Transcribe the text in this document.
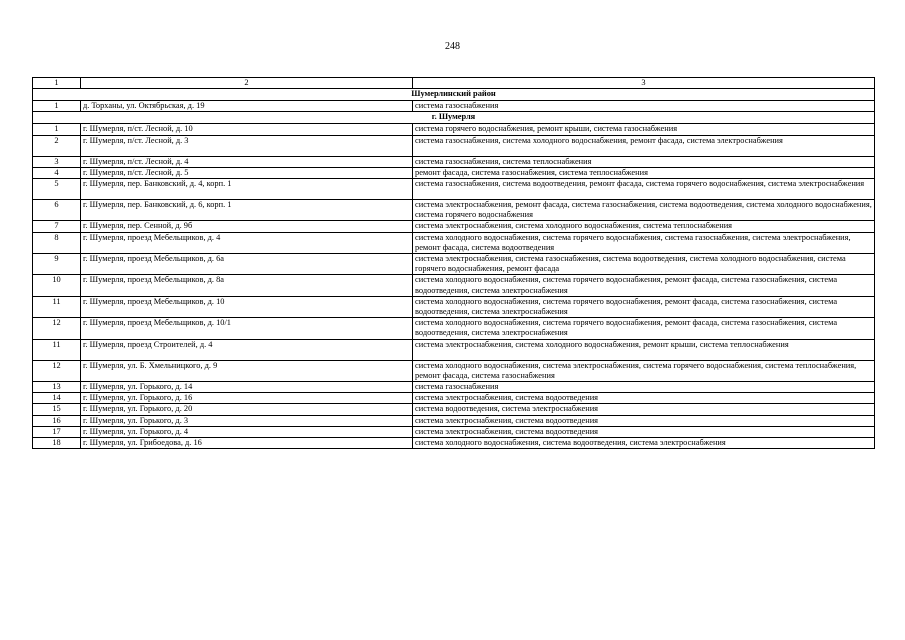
248
1	2	3
Шумерлинский район		
1	д. Торханы, ул. Октябрьская, д. 19	система газоснабжения
г. Шумерля		
1	г. Шумерля, п/ст. Лесной, д. 10	система горячего водоснабжения, ремонт крыши, система газоснабжения
2	г. Шумерля, п/ст. Лесной, д. 3	система газоснабжения, система холодного водоснабжения, ремонт фасада, система электроснабжения
3	г. Шумерля, п/ст. Лесной, д. 4	система газоснабжения, система теплоснабжения
4	г. Шумерля, п/ст. Лесной, д. 5	ремонт фасада, система газоснабжения, система теплоснабжения
5	г. Шумерля, пер. Банковский, д. 4, корп. 1	система газоснабжения, система водоотведения, ремонт фасада, система горячего водоснабжения, система электроснабжения
6	г. Шумерля, пер. Банковский, д. 6, корп. 1	система электроснабжения, ремонт фасада, система газоснабжения, система водоотведения, система холодного водоснабжения, система горячего водоснабжения
7	г. Шумерля, пер. Сенной, д. 9б	система электроснабжения, система холодного водоснабжения, система теплоснабжения
8	г. Шумерля, проезд Мебельщиков, д. 4	система холодного водоснабжения, система горячего водоснабжения, система газоснабжения, система электроснабжения, ремонт фасада, система водоотведения
9	г. Шумерля, проезд Мебельщиков, д. 6а	система электроснабжения, система газоснабжения, система водоотведения, система холодного водоснабжения, система горячего водоснабжения, ремонт фасада
10	г. Шумерля, проезд Мебельщиков, д. 8а	система холодного водоснабжения, система горячего водоснабжения, ремонт фасада, система газоснабжения, система водоотведения, система электроснабжения
11	г. Шумерля, проезд Мебельщиков, д. 10	система холодного водоснабжения, система горячего водоснабжения, ремонт фасада, система газоснабжения, система водоотведения, система электроснабжения
12	г. Шумерля, проезд Мебельщиков, д. 10/1	система холодного водоснабжения, система горячего водоснабжения, ремонт фасада, система газоснабжения, система водоотведения, система электроснабжения
11	г. Шумерля, проезд Строителей, д. 4	система электроснабжения, система холодного водоснабжения, ремонт крыши, система теплоснабжения
12	г. Шумерля, ул. Б. Хмельницкого, д. 9	система холодного водоснабжения, система электроснабжения, система горячего водоснабжения, система теплоснабжения, ремонт фасада, система газоснабжения
13	г. Шумерля, ул. Горького, д. 14	система газоснабжения
14	г. Шумерля, ул. Горького, д. 16	система электроснабжения, система водоотведения
15	г. Шумерля, ул. Горького, д. 20	система водоотведения, система электроснабжения
16	г. Шумерля, ул. Горького, д. 3	система электроснабжения, система водоотведения
17	г. Шумерля, ул. Горького, д. 4	система электроснабжения, система водоотведения
18	г. Шумерля, ул. Грибоедова, д. 16	система холодного водоснабжения, система водоотведения, система электроснабжения
